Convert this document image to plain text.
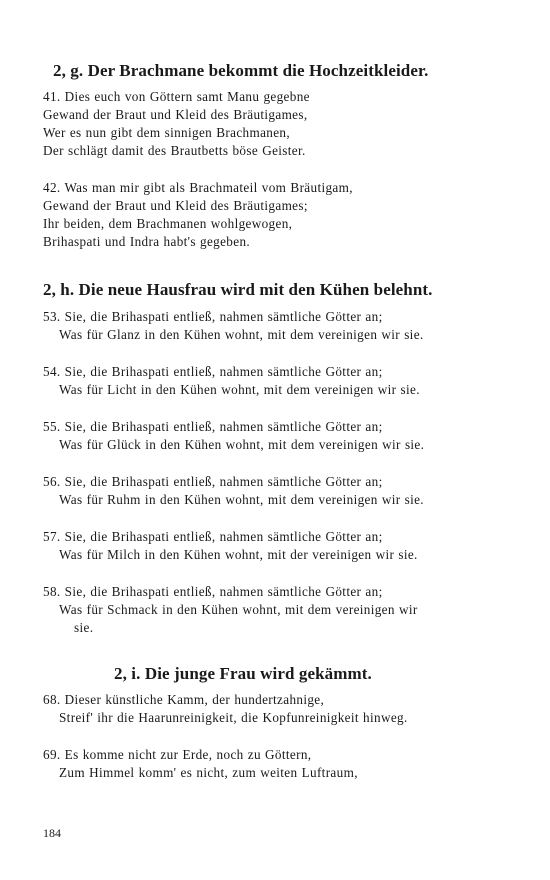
2, g. Der Brachmane bekommt die Hochzeitkleider.
41. Dies euch von Göttern samt Manu gegebne
Gewand der Braut und Kleid des Bräutigames,
Wer es nun gibt dem sinnigen Brachmanen,
Der schlägt damit des Brautbetts böse Geister.
42. Was man mir gibt als Brachmateil vom Bräutigam,
Gewand der Braut und Kleid des Bräutigames;
Ihr beiden, dem Brachmanen wohlgewogen,
Brihaspati und Indra habt's gegeben.
2, h. Die neue Hausfrau wird mit den Kühen belehnt.
53. Sie, die Brihaspati entließ, nahmen sämtliche Götter an;
Was für Glanz in den Kühen wohnt, mit dem vereinigen wir sie.
54. Sie, die Brihaspati entließ, nahmen sämtliche Götter an;
Was für Licht in den Kühen wohnt, mit dem vereinigen wir sie.
55. Sie, die Brihaspati entließ, nahmen sämtliche Götter an;
Was für Glück in den Kühen wohnt, mit dem vereinigen wir sie.
56. Sie, die Brihaspati entließ, nahmen sämtliche Götter an;
Was für Ruhm in den Kühen wohnt, mit dem vereinigen wir sie.
57. Sie, die Brihaspati entließ, nahmen sämtliche Götter an;
Was für Milch in den Kühen wohnt, mit der vereinigen wir sie.
58. Sie, die Brihaspati entließ, nahmen sämtliche Götter an;
Was für Schmack in den Kühen wohnt, mit dem vereinigen wir
sie.
2, i. Die junge Frau wird gekämmt.
68. Dieser künstliche Kamm, der hundertzahnige,
Streif' ihr die Haarunreinigkeit, die Kopfunreinigkeit hinweg.
69. Es komme nicht zur Erde, noch zu Göttern,
Zum Himmel komm' es nicht, zum weiten Luftraum,
184
